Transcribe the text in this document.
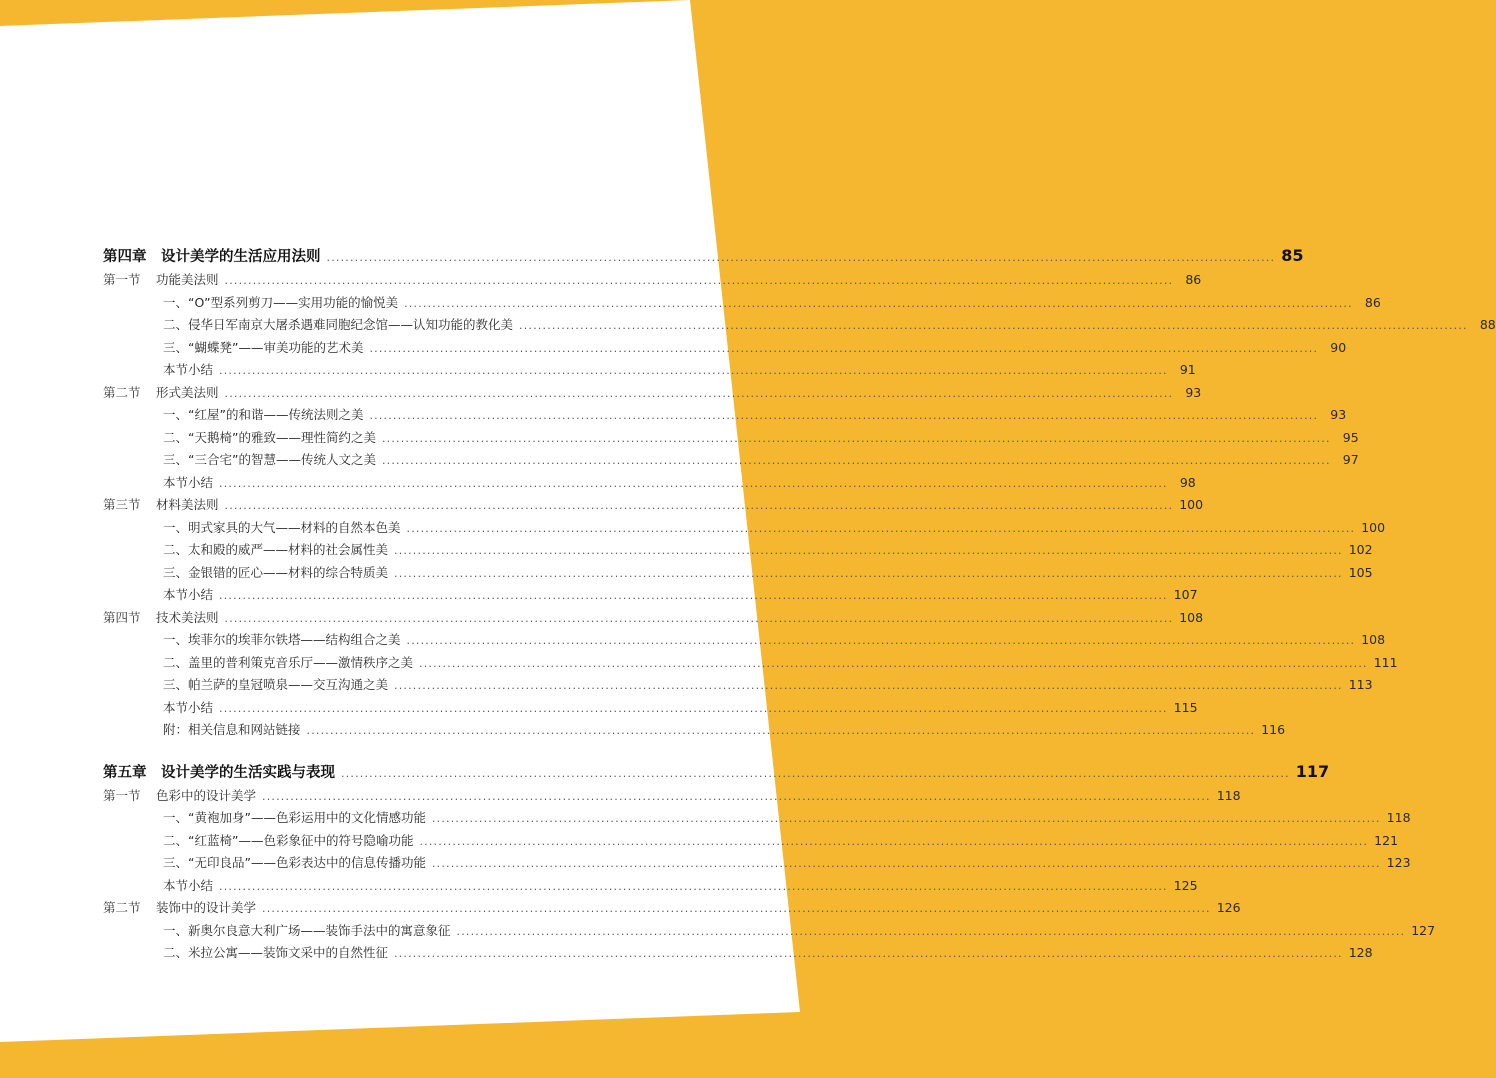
第四章	设计美学的生活应用法则 .....	85
第一节	功能美法则 .....	86
一、“O”型系列剪刀——实用功能的愉悦美 .....	86
二、侵华日军南京大屠杀遇难同胞纪念馆——认知功能的教化美 .....	88
三、“蝴蝶凳”——审美功能的艺术美 .....	90
本节小结 .....	91
第二节	形式美法则 .....	93
一、“红屋”的和谐——传统法则之美 .....	93
二、“天鹅椅”的雅致——理性简约之美 .....	95
三、“三合宅”的智慧——传统人文之美 .....	97
本节小结 .....	98
第三节	材料美法则 .....	100
一、明式家具的大气——材料的自然本色美 .....	100
二、太和殿的威严——材料的社会属性美 .....	102
三、金银错的匠心——材料的综合特质美 .....	105
本节小结 .....	107
第四节	技术美法则 .....	108
一、埃菲尔的埃菲尔铁塔——结构组合之美 .....	108
二、盖里的普利策克音乐厅——激情秩序之美 .....	111
三、帕兰萨的皇冠喷泉——交互沟通之美 .....	113
本节小结 .....	115
附：相关信息和网站链接 .....	116
第五章	设计美学的生活实践与表现 .....	117
第一节	色彩中的设计美学 .....	118
一、“黄袍加身”——色彩运用中的文化情感功能 .....	118
二、“红蓝椅”——色彩象征中的符号隐喻功能 .....	121
三、“无印良品”——色彩表达中的信息传播功能 .....	123
本节小结 .....	125
第二节	装饰中的设计美学 .....	126
一、新奥尔良意大利广场——装饰手法中的寓意象征 .....	127
二、米拉公寓——装饰文采中的自然性征 .....	128
